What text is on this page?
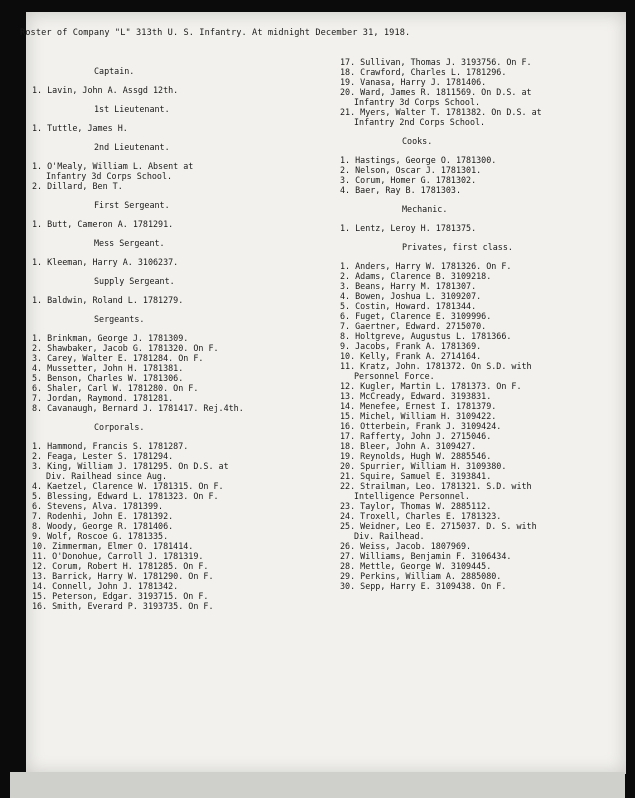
Roster of Company "L" 313th U. S. Infantry. At midnight December 31, 1918.
Captain.
1. Lavin, John A. Assgd 12th.
1st Lieutenant.
1. Tuttle, James H.
2nd Lieutenant.
1. O'Mealy, William L. Absent at
Infantry 3d Corps School.
2. Dillard, Ben T.
First Sergeant.
1. Butt, Cameron A. 1781291.
Mess Sergeant.
1. Kleeman, Harry A. 3106237.
Supply Sergeant.
1. Baldwin, Roland L. 1781279.
Sergeants.
1. Brinkman, George J. 1781309.
2. Shawbaker, Jacob G. 1781320. On F.
3. Carey, Walter E. 1781284. On F.
4. Mussetter, John H. 1781381.
5. Benson, Charles W. 1781306.
6. Shaler, Carl W. 1781280. On F.
7. Jordan, Raymond. 1781281.
8. Cavanaugh, Bernard J. 1781417. Rej.4th.
Corporals.
1. Hammond, Francis S. 1781287.
2. Feaga, Lester S. 1781294.
3. King, William J. 1781295. On D.S. at
Div. Railhead since Aug.
4. Kaetzel, Clarence W. 1781315. On F.
5. Blessing, Edward L. 1781323. On F.
6. Stevens, Alva. 1781399.
7. Rodenhi, John E. 1781392.
8. Woody, George R. 1781406.
9. Wolf, Roscoe G. 1781335.
10. Zimmerman, Elmer O. 1781414.
11. O'Donohue, Carroll J. 1781319.
12. Corum, Robert H. 1781285. On F.
13. Barrick, Harry W. 1781290. On F.
14. Connell, John J. 1781342.
15. Peterson, Edgar. 3193715. On F.
16. Smith, Everard P. 3193735. On F.
17. Sullivan, Thomas J. 3193756. On F.
18. Crawford, Charles L. 1781296.
19. Vanasa, Harry J. 1781406.
20. Ward, James R. 1811569. On D.S. at
Infantry 3d Corps School.
21. Myers, Walter T. 1781382. On D.S. at
Infantry 2nd Corps School.
Cooks.
1. Hastings, George O. 1781300.
2. Nelson, Oscar J. 1781301.
3. Corum, Homer G. 1781302.
4. Baer, Ray B. 1781303.
Mechanic.
1. Lentz, Leroy H. 1781375.
Privates, first class.
1. Anders, Harry W. 1781326. On F.
2. Adams, Clarence B. 3109218.
3. Beans, Harry M. 1781307.
4. Bowen, Joshua L. 3109207.
5. Costin, Howard. 1781344.
6. Fuget, Clarence E. 3109996.
7. Gaertner, Edward. 2715070.
8. Holtgreve, Augustus L. 1781366.
9. Jacobs, Frank A. 1781369.
10. Kelly, Frank A. 2714164.
11. Kratz, John. 1781372. On S.D. with
Personnel Force.
12. Kugler, Martin L. 1781373. On F.
13. McCready, Edward. 3193831.
14. Menefee, Ernest I. 1781379.
15. Michel, William H. 3109422.
16. Otterbein, Frank J. 3109424.
17. Rafferty, John J. 2715046.
18. Bleer, John A. 3109427.
19. Reynolds, Hugh W. 2885546.
20. Spurrier, William H. 3109380.
21. Squire, Samuel E. 3193841.
22. Strailman, Leo. 1781321. S.D. with
Intelligence Personnel.
23. Taylor, Thomas W. 2885112.
24. Troxell, Charles E. 1781323.
25. Weidner, Leo E. 2715037. D. S. with
Div. Railhead.
26. Weiss, Jacob. 1807969.
27. Williams, Benjamin F. 3106434.
28. Mettle, George W. 3109445.
29. Perkins, William A. 2885080.
30. Sepp, Harry E. 3109438. On F.
